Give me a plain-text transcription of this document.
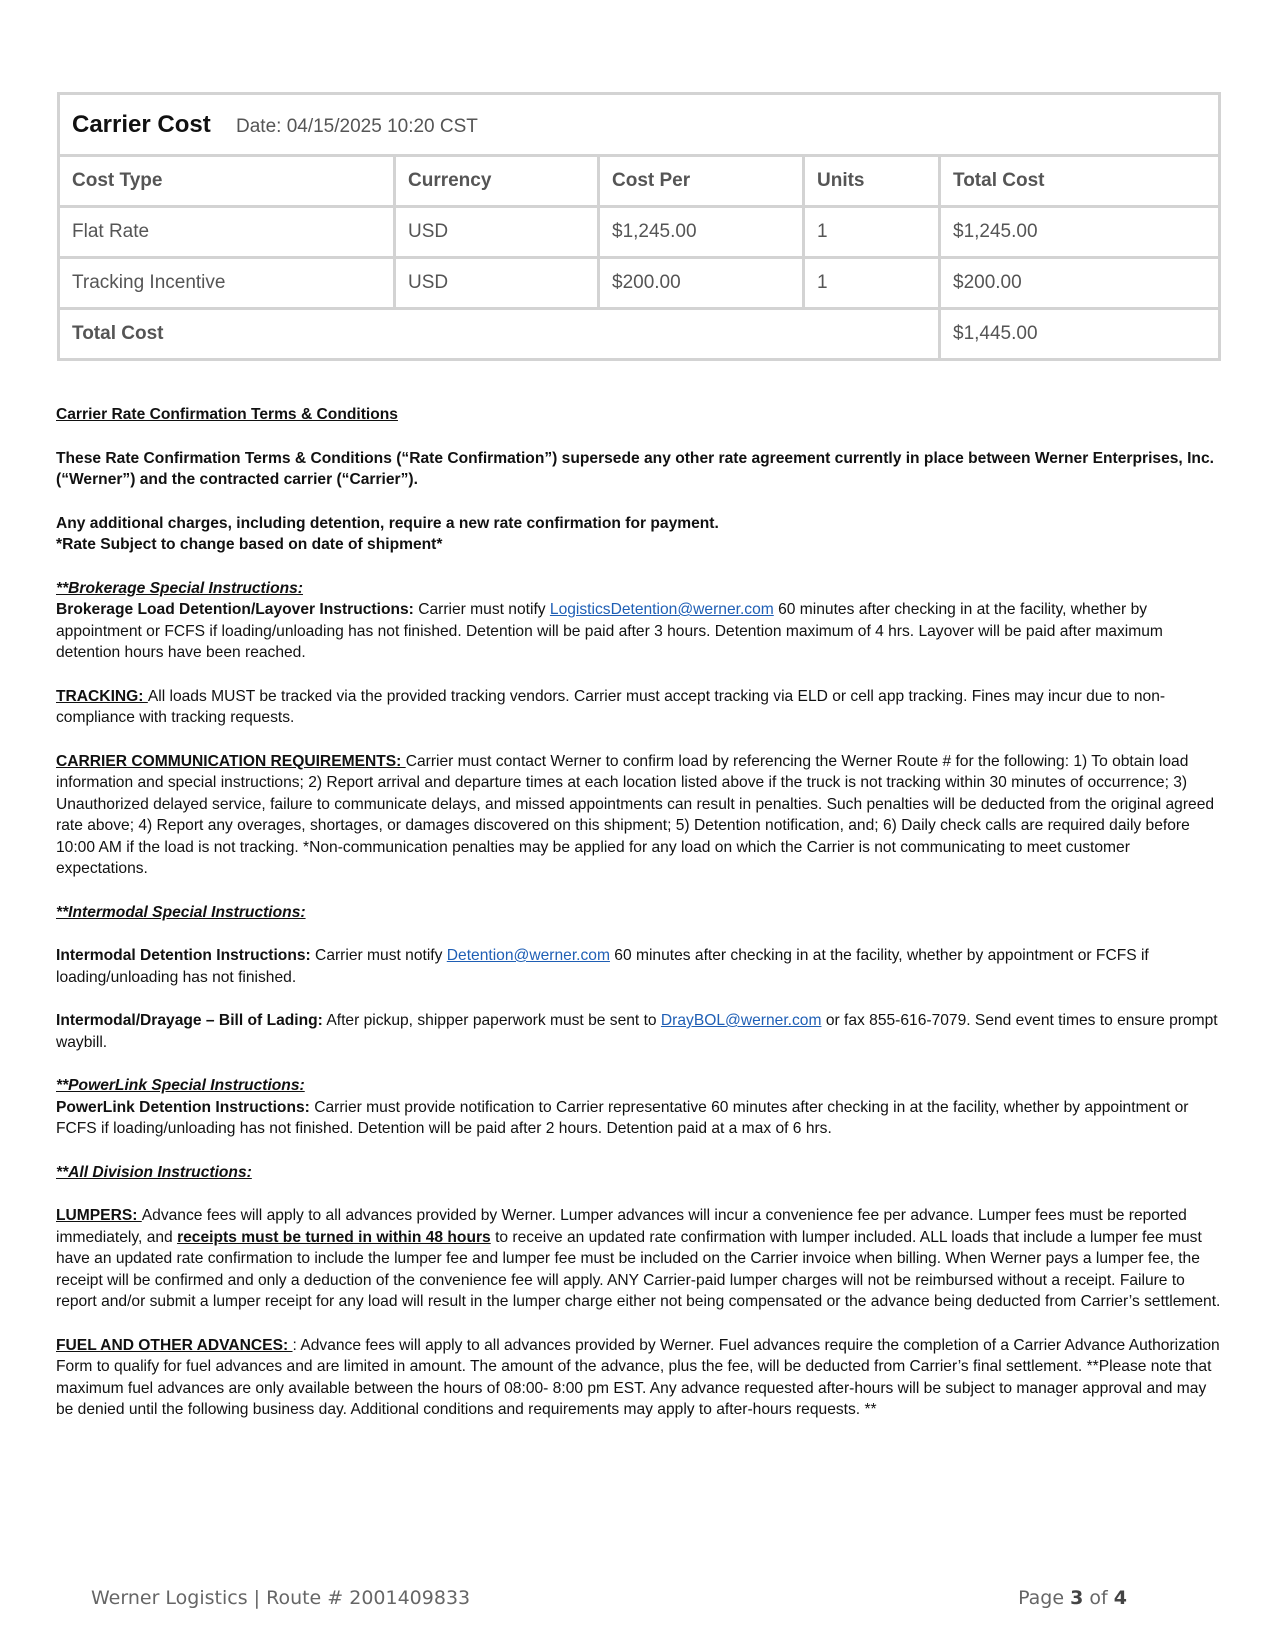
Carrier Cost Date: 04/15/2025 10:20 CST				
Cost Type	Currency	Cost Per	Units	Total Cost
Flat Rate	USD	$1,245.00	1	$1,245.00
Tracking Incentive	USD	$200.00	1	$200.00
Total Cost				$1,445.00

Carrier Rate Confirmation Terms & Conditions

These Rate Confirmation Terms & Conditions (“Rate Confirmation”) supersede any other rate agreement currently in place between Werner Enterprises, Inc. (“Werner”) and the contracted carrier (“Carrier”).

Any additional charges, including detention, require a new rate confirmation for payment.
*Rate Subject to change based on date of shipment*

**Brokerage Special Instructions:
Brokerage Load Detention/Layover Instructions: Carrier must notify LogisticsDetention@werner.com 60 minutes after checking in at the facility, whether by appointment or FCFS if loading/unloading has not finished. Detention will be paid after 3 hours. Detention maximum of 4 hrs. Layover will be paid after maximum detention hours have been reached.

TRACKING: All loads MUST be tracked via the provided tracking vendors. Carrier must accept tracking via ELD or cell app tracking. Fines may incur due to non-compliance with tracking requests.

CARRIER COMMUNICATION REQUIREMENTS: Carrier must contact Werner to confirm load by referencing the Werner Route # for the following: 1) To obtain load information and special instructions; 2) Report arrival and departure times at each location listed above if the truck is not tracking within 30 minutes of occurrence; 3) Unauthorized delayed service, failure to communicate delays, and missed appointments can result in penalties. Such penalties will be deducted from the original agreed rate above; 4) Report any overages, shortages, or damages discovered on this shipment; 5) Detention notification, and; 6) Daily check calls are required daily before 10:00 AM if the load is not tracking. *Non-communication penalties may be applied for any load on which the Carrier is not communicating to meet customer expectations.

**Intermodal Special Instructions:

Intermodal Detention Instructions: Carrier must notify Detention@werner.com 60 minutes after checking in at the facility, whether by appointment or FCFS if loading/unloading has not finished.

Intermodal/Drayage – Bill of Lading: After pickup, shipper paperwork must be sent to DrayBOL@werner.com or fax 855-616-7079. Send event times to ensure prompt waybill.

**PowerLink Special Instructions:
PowerLink Detention Instructions: Carrier must provide notification to Carrier representative 60 minutes after checking in at the facility, whether by appointment or FCFS if loading/unloading has not finished. Detention will be paid after 2 hours. Detention paid at a max of 6 hrs.

**All Division Instructions:

LUMPERS: Advance fees will apply to all advances provided by Werner. Lumper advances will incur a convenience fee per advance. Lumper fees must be reported immediately, and receipts must be turned in within 48 hours to receive an updated rate confirmation with lumper included. ALL loads that include a lumper fee must have an updated rate confirmation to include the lumper fee and lumper fee must be included on the Carrier invoice when billing. When Werner pays a lumper fee, the receipt will be confirmed and only a deduction of the convenience fee will apply. ANY Carrier-paid lumper charges will not be reimbursed without a receipt. Failure to report and/or submit a lumper receipt for any load will result in the lumper charge either not being compensated or the advance being deducted from Carrier’s settlement.

FUEL AND OTHER ADVANCES: : Advance fees will apply to all advances provided by Werner. Fuel advances require the completion of a Carrier Advance Authorization Form to qualify for fuel advances and are limited in amount. The amount of the advance, plus the fee, will be deducted from Carrier’s final settlement. **Please note that maximum fuel advances are only available between the hours of 08:00- 8:00 pm EST. Any advance requested after-hours will be subject to manager approval and may be denied until the following business day. Additional conditions and requirements may apply to after-hours requests. **

Werner Logistics | Route # 2001409833	Page 3 of 4
